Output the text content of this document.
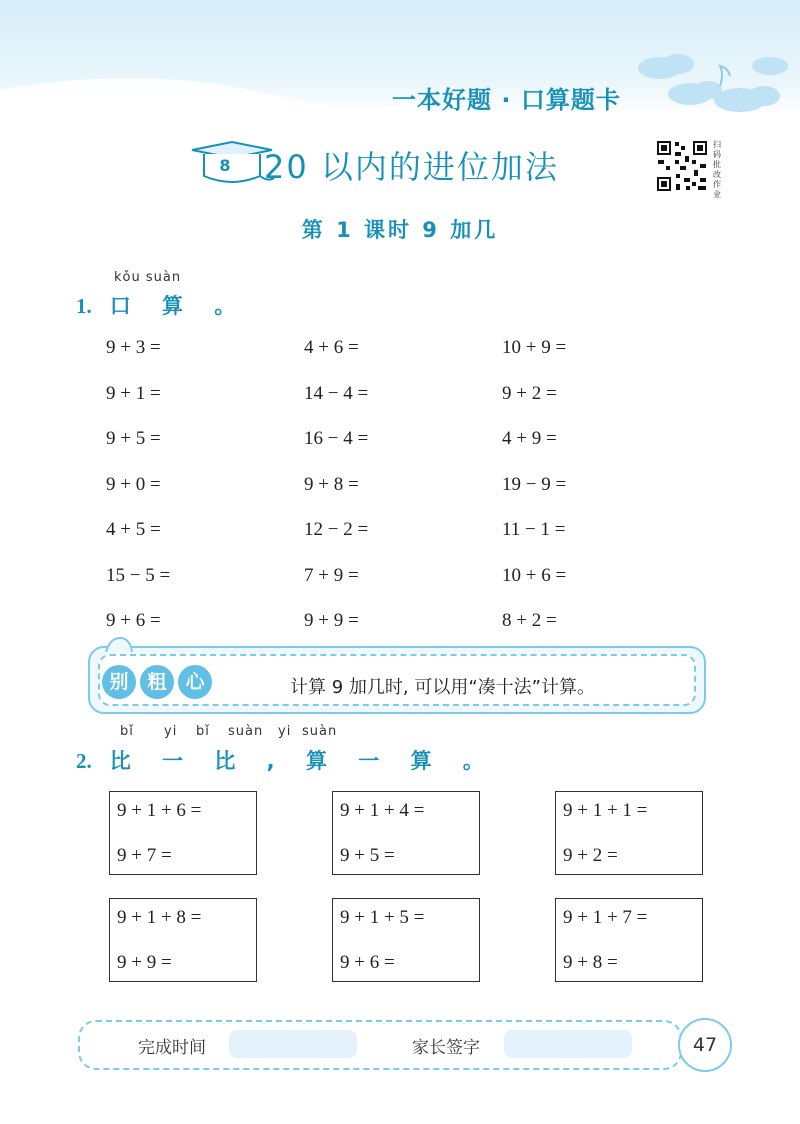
一本好题 · 口算题卡
8 20 以内的进位加法
扫码批改作业
第 1 课时 9 加几
kǒu suàn
1. 口 算 。
9 + 3 =	4 + 6 =	10 + 9 =
9 + 1 =	14 − 4 =	9 + 2 =
9 + 5 =	16 − 4 =	4 + 9 =
9 + 0 =	9 + 8 =	19 − 9 =
4 + 5 =	12 − 2 =	11 − 1 =
15 − 5 =	7 + 9 =	10 + 6 =
9 + 6 =	9 + 9 =	8 + 2 =
别 粗 心	计算 9 加几时, 可以用“凑十法”计算。
bǐ yi bǐ suàn yi suàn
2. 比 一 比 , 算 一 算 。
9 + 1 + 6 =
9 + 7 =
9 + 1 + 4 =
9 + 5 =
9 + 1 + 1 =
9 + 2 =
9 + 1 + 8 =
9 + 9 =
9 + 1 + 5 =
9 + 6 =
9 + 1 + 7 =
9 + 8 =
完成时间	家长签字	47
